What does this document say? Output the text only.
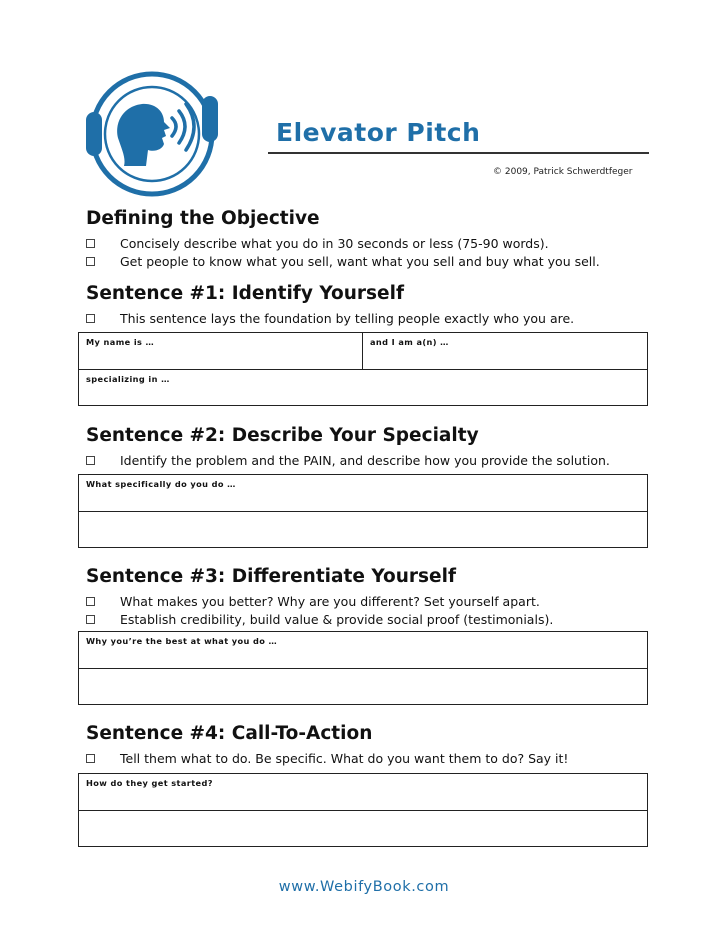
Elevator Pitch
© 2009, Patrick Schwerdtfeger
Defining the Objective
Concisely describe what you do in 30 seconds or less (75-90 words).
Get people to know what you sell, want what you sell and buy what you sell.
Sentence #1: Identify Yourself
This sentence lays the foundation by telling people exactly who you are.
My name is …	and I am a(n) …
specializing in …
Sentence #2: Describe Your Specialty
Identify the problem and the PAIN, and describe how you provide the solution.
What specifically do you do …
Sentence #3: Differentiate Yourself
What makes you better? Why are you different? Set yourself apart.
Establish credibility, build value & provide social proof (testimonials).
Why you’re the best at what you do …
Sentence #4: Call-To-Action
Tell them what to do. Be specific. What do you want them to do? Say it!
How do they get started?
www.WebifyBook.com
